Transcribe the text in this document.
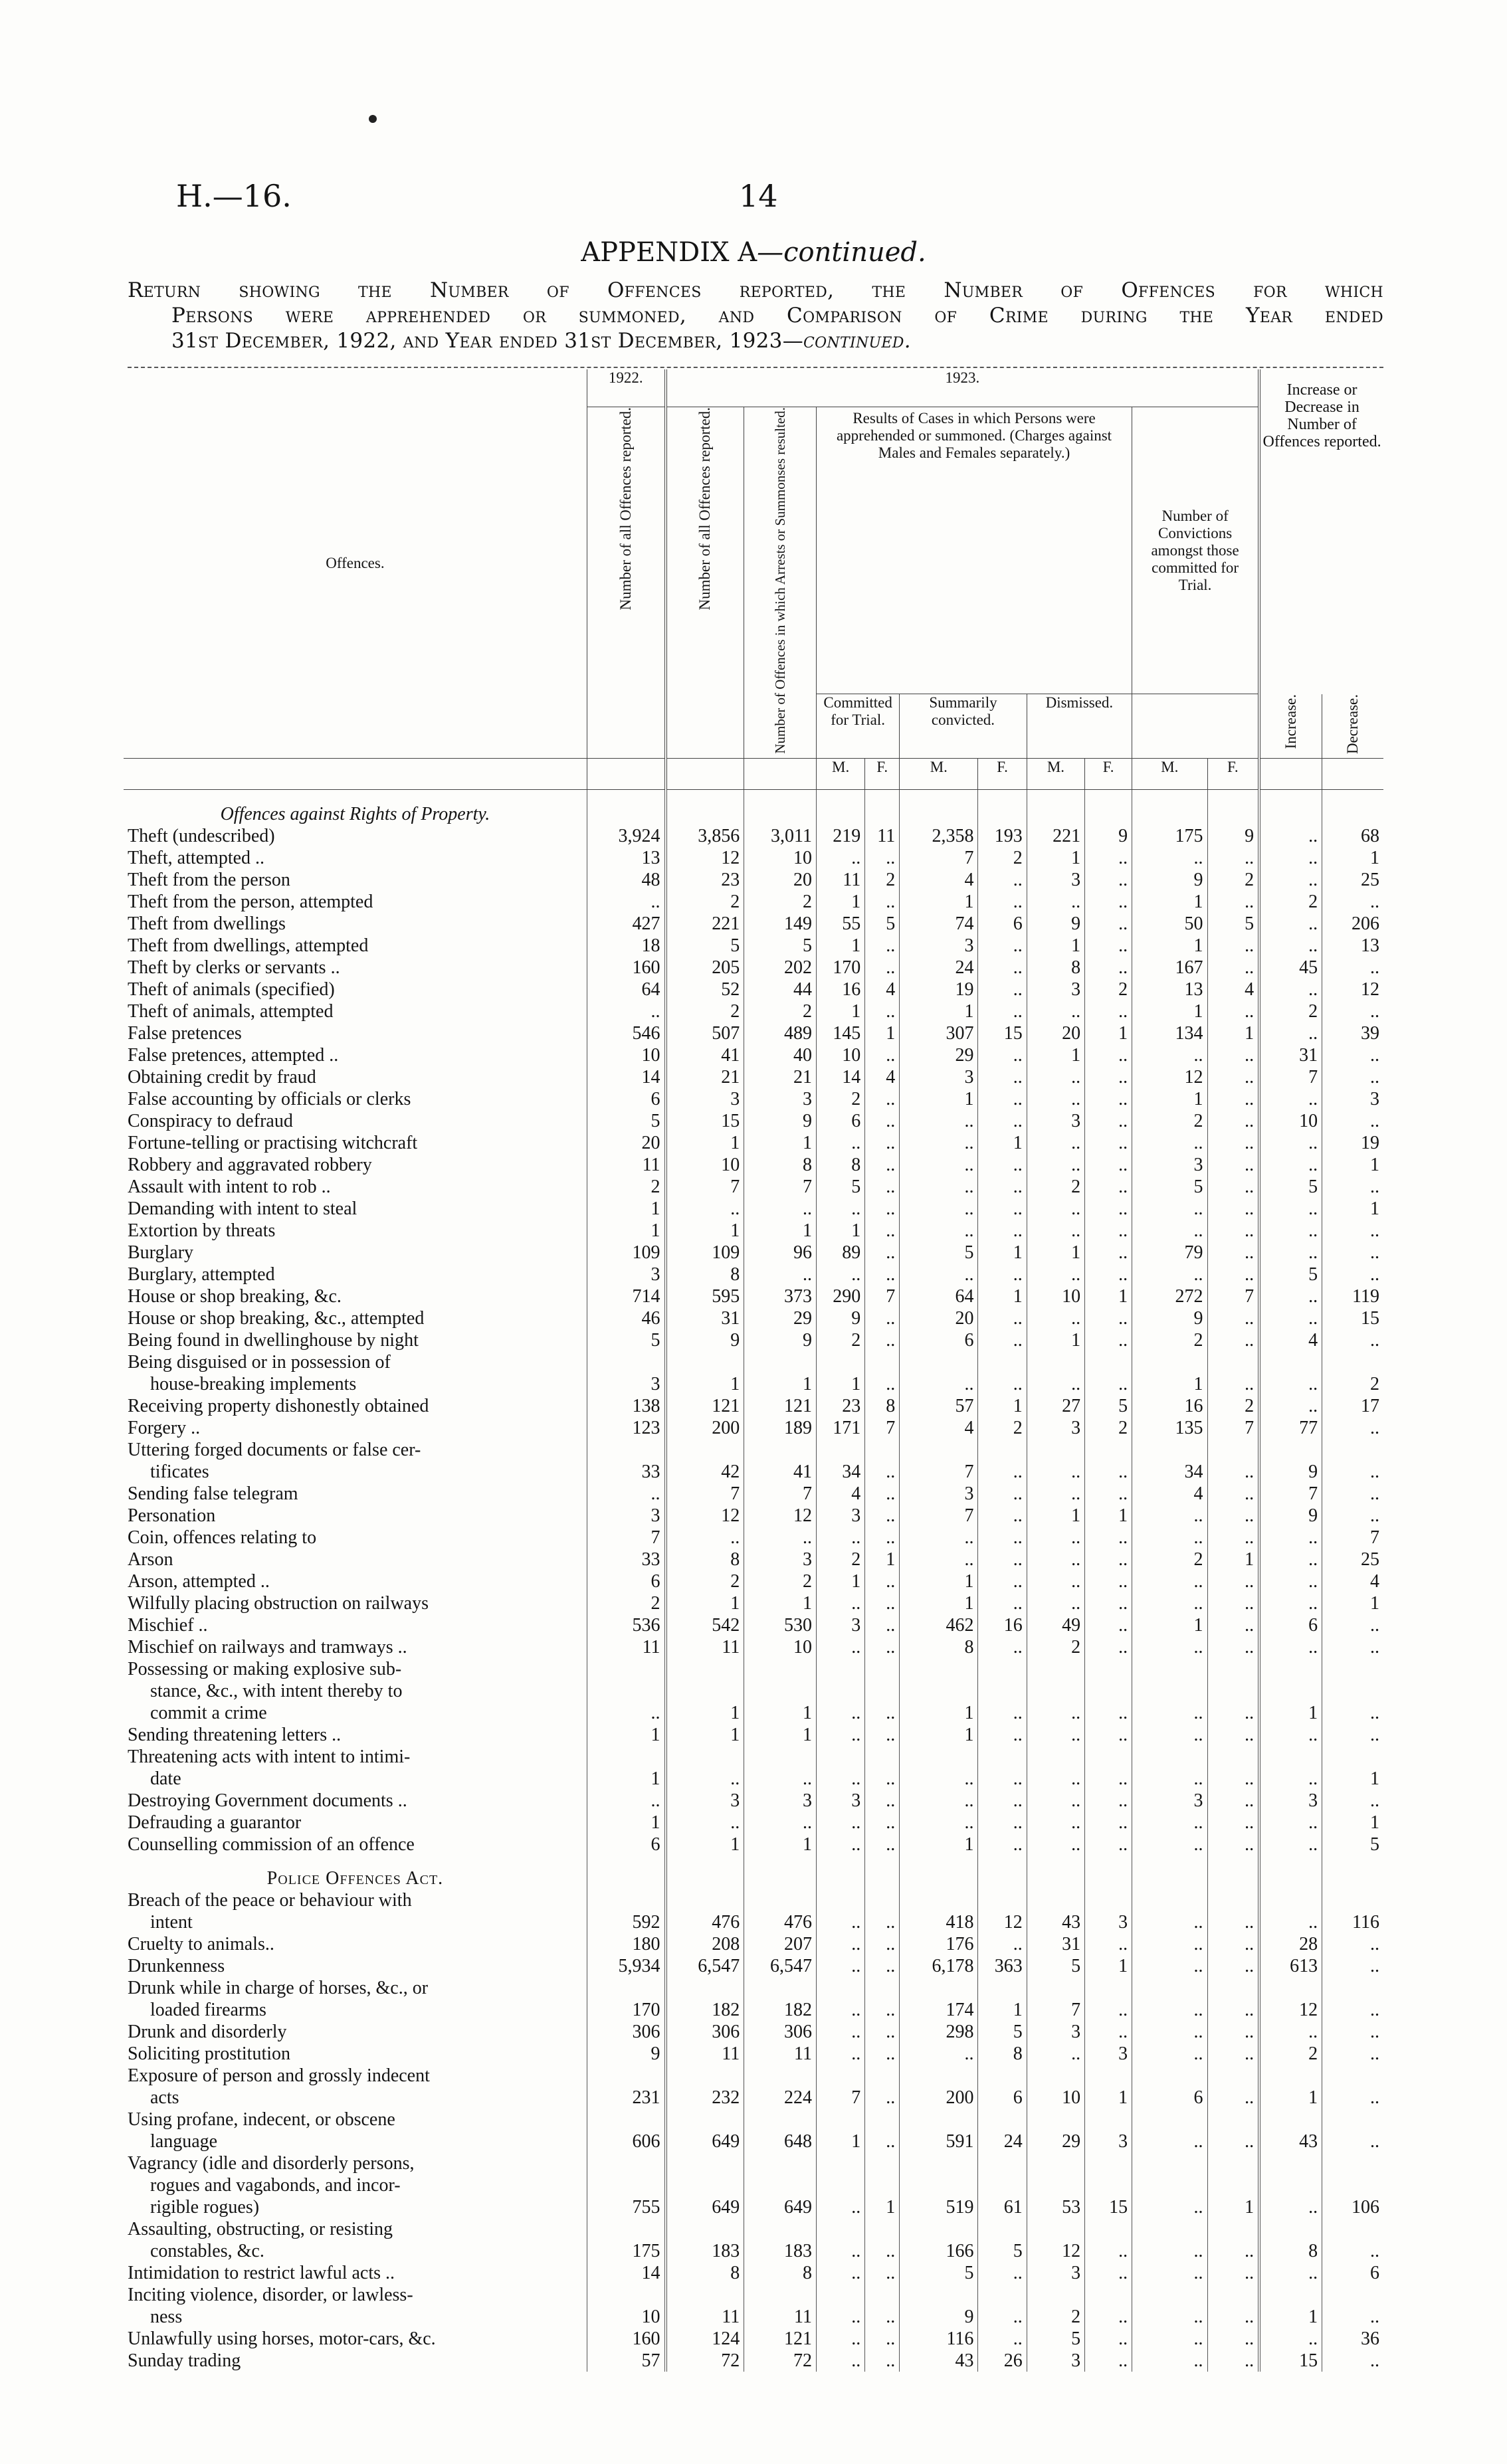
H.—16.	14
APPENDIX A—continued.
Return showing the Number of Offences reported, the Number of Offences for which
Persons were apprehended or summoned, and Comparison of Crime during the Year ended
31st December, 1922, and Year ended 31st December, 1923—continued.
Offences.	1922.	1923.										Increase or Decrease in Number of Offences reported.	
	Number of all Offences reported.	Number of all Offences reported.	Number of Offences in which Arrests or Summonses resulted.	Results of Cases in which Persons were apprehended or summoned. (Charges against Males and Females separately.)						Number of Convictions amongst those committed for Trial.			

				Committed for Trial.		Summarily convicted.		Dismissed.				Increase.	Decrease.
				M.	F.	M.	F.	M.	F.	M.	F.		
Offences against Rights of Property.													

Theft (undescribed)	3,924	3,856	3,011	219	11	2,358	193	221	9	175	9	..	68

Theft, attempted ..	13	12	10	..	..	7	2	1	..	..	..	..	1

Theft from the person	48	23	20	11	2	4	..	3	..	9	2	..	25

Theft from the person, attempted	..	2	2	1	..	1	..	..	..	1	..	2	..

Theft from dwellings	427	221	149	55	5	74	6	9	..	50	5	..	206

Theft from dwellings, attempted	18	5	5	1	..	3	..	1	..	1	..	..	13

Theft by clerks or servants ..	160	205	202	170	..	24	..	8	..	167	..	45	..

Theft of animals (specified)	64	52	44	16	4	19	..	3	2	13	4	..	12

Theft of animals, attempted	..	2	2	1	..	1	..	..	..	1	..	2	..

False pretences	546	507	489	145	1	307	15	20	1	134	1	..	39

False pretences, attempted ..	10	41	40	10	..	29	..	1	..	..	..	31	..

Obtaining credit by fraud	14	21	21	14	4	3	..	..	..	12	..	7	..

False accounting by officials or clerks	6	3	3	2	..	1	..	..	..	1	..	..	3

Conspiracy to defraud	5	15	9	6	..	..	..	3	..	2	..	10	..

Fortune-telling or practising witchcraft	20	1	1	..	..	..	1	..	..	..	..	..	19

Robbery and aggravated robbery	11	10	8	8	..	..	..	..	..	3	..	..	1

Assault with intent to rob ..	2	7	7	5	..	..	..	2	..	5	..	5	..

Demanding with intent to steal	1	..	..	..	..	..	..	..	..	..	..	..	1

Extortion by threats	1	1	1	1	..	..	..	..	..	..	..	..	..

Burglary	109	109	96	89	..	5	1	1	..	79	..	..	..

Burglary, attempted	3	8	..	..	..	..	..	..	..	..	..	5	..

House or shop breaking, &c.	714	595	373	290	7	64	1	10	1	272	7	..	119

House or shop breaking, &c., attempted	46	31	29	9	..	20	..	..	..	9	..	..	15

Being found in dwellinghouse by night	5	9	9	2	..	6	..	1	..	2	..	4	..

Being disguised or in possession of
house-breaking implements	3	1	1	1	..	..	..	..	..	1	..	..	2

Receiving property dishonestly obtained	138	121	121	23	8	57	1	27	5	16	2	..	17

Forgery ..	123	200	189	171	7	4	2	3	2	135	7	77	..

Uttering forged documents or false cer-
tificates	33	42	41	34	..	7	..	..	..	34	..	9	..

Sending false telegram	..	7	7	4	..	3	..	..	..	4	..	7	..

Personation	3	12	12	3	..	7	..	1	1	..	..	9	..

Coin, offences relating to	7	..	..	..	..	..	..	..	..	..	..	..	7

Arson	33	8	3	2	1	..	..	..	..	2	1	..	25

Arson, attempted ..	6	2	2	1	..	1	..	..	..	..	..	..	4

Wilfully placing obstruction on railways	2	1	1	..	..	1	..	..	..	..	..	..	1

Mischief ..	536	542	530	3	..	462	16	49	..	1	..	6	..

Mischief on railways and tramways ..	11	11	10	..	..	8	..	2	..	..	..	..	..

Possessing or making explosive sub-
stance, &c., with intent thereby to
commit a crime	..	1	1	..	..	1	..	..	..	..	..	1	..

Sending threatening letters ..	1	1	1	..	..	1	..	..	..	..	..	..	..

Threatening acts with intent to intimi-
date	1	..	..	..	..	..	..	..	..	..	..	..	1

Destroying Government documents ..	..	3	3	3	..	..	..	..	..	3	..	3	..

Defrauding a guarantor	1	..	..	..	..	..	..	..	..	..	..	..	1

Counselling commission of an offence	6	1	1	..	..	1	..	..	..	..	..	..	5
Police Offences Act.													

Breach of the peace or behaviour with
intent	592	476	476	..	..	418	12	43	3	..	..	..	116

Cruelty to animals..	180	208	207	..	..	176	..	31	..	..	..	28	..

Drunkenness	5,934	6,547	6,547	..	..	6,178	363	5	1	..	..	613	..

Drunk while in charge of horses, &c., or
loaded firearms	170	182	182	..	..	174	1	7	..	..	..	12	..

Drunk and disorderly	306	306	306	..	..	298	5	3	..	..	..	..	..

Soliciting prostitution	9	11	11	..	..	..	8	..	3	..	..	2	..

Exposure of person and grossly indecent
acts	231	232	224	7	..	200	6	10	1	6	..	1	..

Using profane, indecent, or obscene
language	606	649	648	1	..	591	24	29	3	..	..	43	..

Vagrancy (idle and disorderly persons,
rogues and vagabonds, and incor-
rigible rogues)	755	649	649	..	1	519	61	53	15	..	1	..	106

Assaulting, obstructing, or resisting
constables, &c.	175	183	183	..	..	166	5	12	..	..	..	8	..

Intimidation to restrict lawful acts ..	14	8	8	..	..	5	..	3	..	..	..	..	6

Inciting violence, disorder, or lawless-
ness	10	11	11	..	..	9	..	2	..	..	..	1	..

Unlawfully using horses, motor-cars, &c.	160	124	121	..	..	116	..	5	..	..	..	..	36

Sunday trading	57	72	72	..	..	43	26	3	..	..	..	15	..
